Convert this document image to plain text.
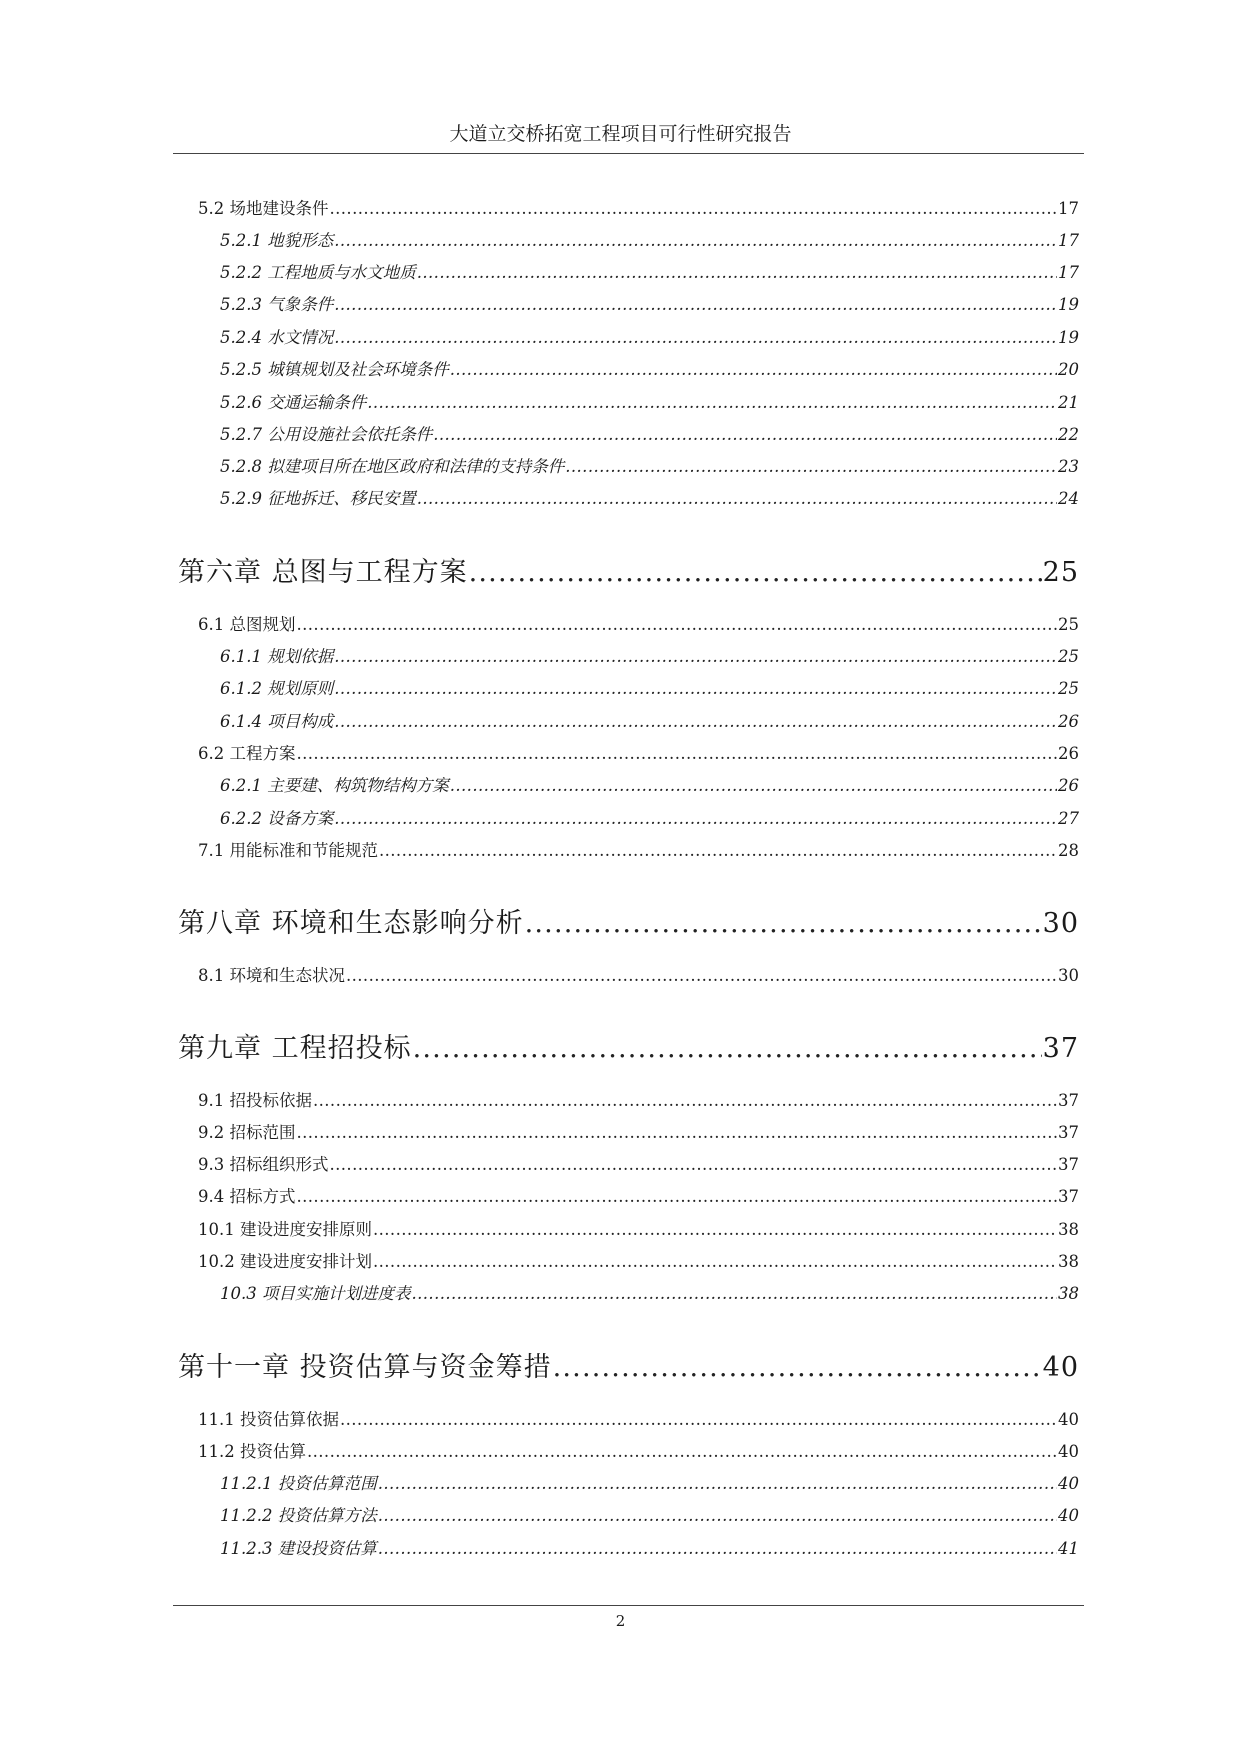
大道立交桥拓宽工程项目可行性研究报告
5.2 场地建设条件 .....	17
5.2.1 地貌形态 .....	17
5.2.2 工程地质与水文地质 .....	17
5.2.3 气象条件 .....	19
5.2.4 水文情况 .....	19
5.2.5 城镇规划及社会环境条件 .....	20
5.2.6 交通运输条件 .....	21
5.2.7 公用设施社会依托条件 .....	22
5.2.8 拟建项目所在地区政府和法律的支持条件 .....	23
5.2.9 征地拆迁、移民安置 .....	24
第六章 总图与工程方案 .....	25
6.1 总图规划 .....	25
6.1.1 规划依据 .....	25
6.1.2 规划原则 .....	25
6.1.4 项目构成 .....	26
6.2 工程方案 .....	26
6.2.1 主要建、构筑物结构方案 .....	26
6.2.2 设备方案 .....	27
7.1 用能标准和节能规范 .....	28
第八章 环境和生态影响分析 .....	30
8.1 环境和生态状况 .....	30
第九章 工程招投标 .....	37
9.1 招投标依据 .....	37
9.2 招标范围 .....	37
9.3 招标组织形式 .....	37
9.4 招标方式 .....	37
10.1 建设进度安排原则 .....	38
10.2 建设进度安排计划 .....	38
10.3 项目实施计划进度表 .....	38
第十一章 投资估算与资金筹措 .....	40
11.1 投资估算依据 .....	40
11.2 投资估算 .....	40
11.2.1 投资估算范围 .....	40
11.2.2 投资估算方法 .....	40
11.2.3 建设投资估算 .....	41
2
